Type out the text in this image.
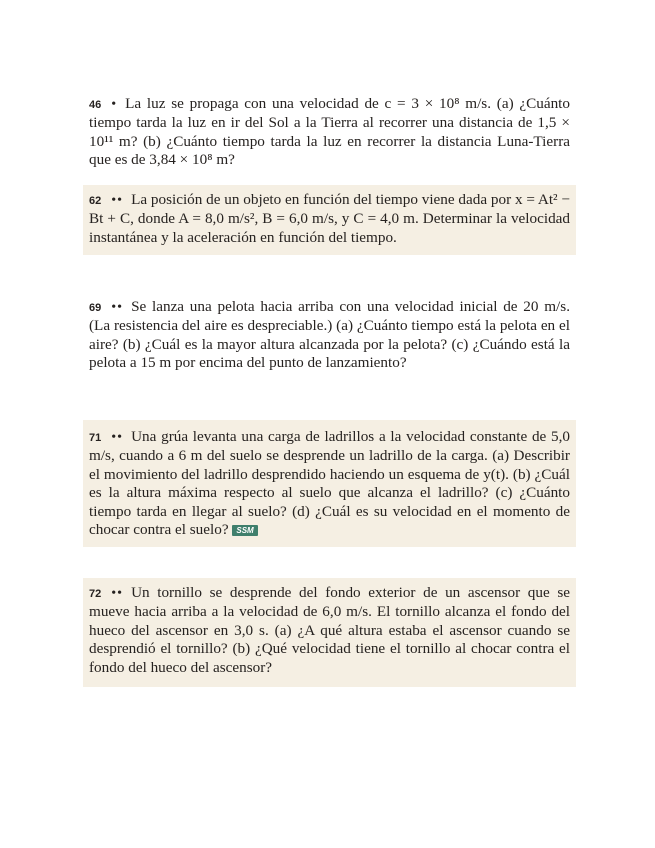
46 • La luz se propaga con una velocidad de c = 3 × 10⁸ m/s. (a) ¿Cuánto tiempo tarda la luz en ir del Sol a la Tierra al recorrer una distancia de 1,5 × 10¹¹ m? (b) ¿Cuánto tiempo tarda la luz en recorrer la distancia Luna-Tierra que es de 3,84 × 10⁸ m?
62 •• La posición de un objeto en función del tiempo viene dada por x = At² − Bt + C, donde A = 8,0 m/s², B = 6,0 m/s, y C = 4,0 m. Determinar la velocidad instantánea y la aceleración en función del tiempo.
69 •• Se lanza una pelota hacia arriba con una velocidad inicial de 20 m/s. (La resistencia del aire es despreciable.) (a) ¿Cuánto tiempo está la pelota en el aire? (b) ¿Cuál es la mayor altura alcanzada por la pelota? (c) ¿Cuándo está la pelota a 15 m por encima del punto de lanzamiento?
71 •• Una grúa levanta una carga de ladrillos a la velocidad constante de 5,0 m/s, cuando a 6 m del suelo se desprende un ladrillo de la carga. (a) Describir el movimiento del ladrillo desprendido haciendo un esquema de y(t). (b) ¿Cuál es la altura máxima respecto al suelo que alcanza el ladrillo? (c) ¿Cuánto tiempo tarda en llegar al suelo? (d) ¿Cuál es su velocidad en el momento de chocar contra el suelo? SSM
72 •• Un tornillo se desprende del fondo exterior de un ascensor que se mueve hacia arriba a la velocidad de 6,0 m/s. El tornillo alcanza el fondo del hueco del ascensor en 3,0 s. (a) ¿A qué altura estaba el ascensor cuando se desprendió el tornillo? (b) ¿Qué velocidad tiene el tornillo al chocar contra el fondo del hueco del ascensor?
